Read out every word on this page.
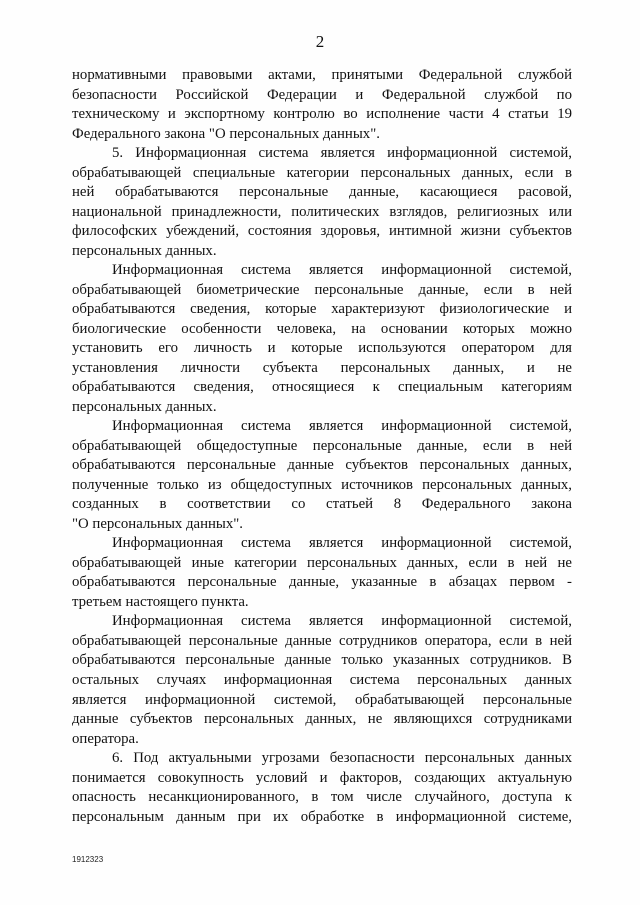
2
нормативными правовыми актами, принятыми Федеральной службой
безопасности Российской Федерации и Федеральной службой по
техническому и экспортному контролю во исполнение части 4 статьи 19
Федерального закона "О персональных данных".
5. Информационная система является информационной системой,
обрабатывающей специальные категории персональных данных, если в
ней обрабатываются персональные данные, касающиеся расовой,
национальной принадлежности, политических взглядов, религиозных или
философских убеждений, состояния здоровья, интимной жизни субъектов
персональных данных.
Информационная система является информационной системой,
обрабатывающей биометрические персональные данные, если в ней
обрабатываются сведения, которые характеризуют физиологические и
биологические особенности человека, на основании которых можно
установить его личность и которые используются оператором для
установления личности субъекта персональных данных, и не
обрабатываются сведения, относящиеся к специальным категориям
персональных данных.
Информационная система является информационной системой,
обрабатывающей общедоступные персональные данные, если в ней
обрабатываются персональные данные субъектов персональных данных,
полученные только из общедоступных источников персональных данных,
созданных в соответствии со статьей 8 Федерального закона
"О персональных данных".
Информационная система является информационной системой,
обрабатывающей иные категории персональных данных, если в ней не
обрабатываются персональные данные, указанные в абзацах первом -
третьем настоящего пункта.
Информационная система является информационной системой,
обрабатывающей персональные данные сотрудников оператора, если в ней
обрабатываются персональные данные только указанных сотрудников. В
остальных случаях информационная система персональных данных
является информационной системой, обрабатывающей персональные
данные субъектов персональных данных, не являющихся сотрудниками
оператора.
6. Под актуальными угрозами безопасности персональных данных
понимается совокупность условий и факторов, создающих актуальную
опасность несанкционированного, в том числе случайного, доступа к
персональным данным при их обработке в информационной системе,
1912323
